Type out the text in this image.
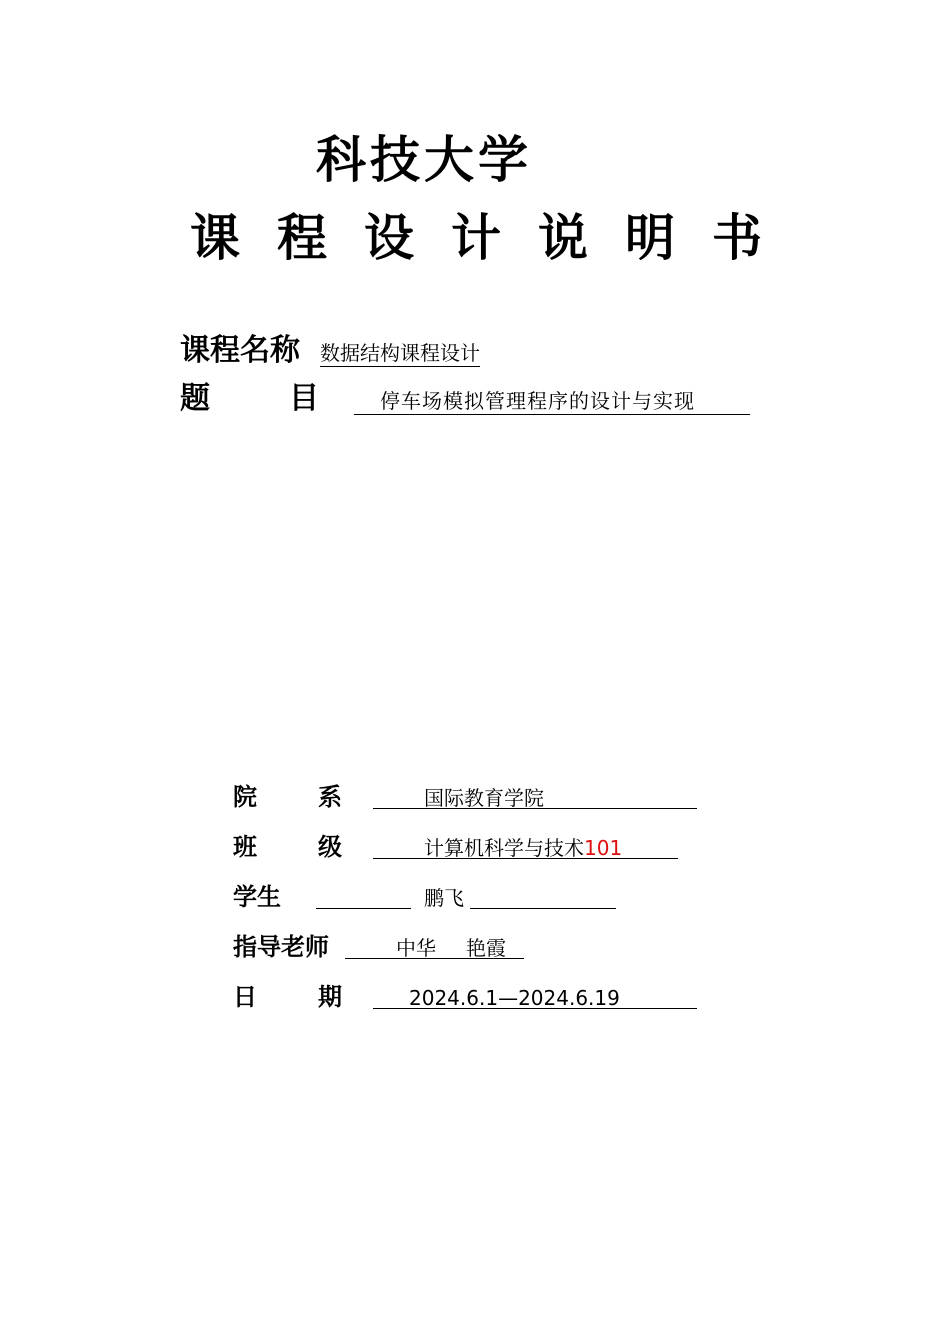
科技大学
课程设计说明书
课程名称 数据结构课程设计
题	目	停车场模拟管理程序的设计与实现
院	系	国际教育学院
班	级	计算机科学与技术101
学生	鹏飞
指导老师	中华 艳霞
日	期	2024.6.1—2024.6.19
